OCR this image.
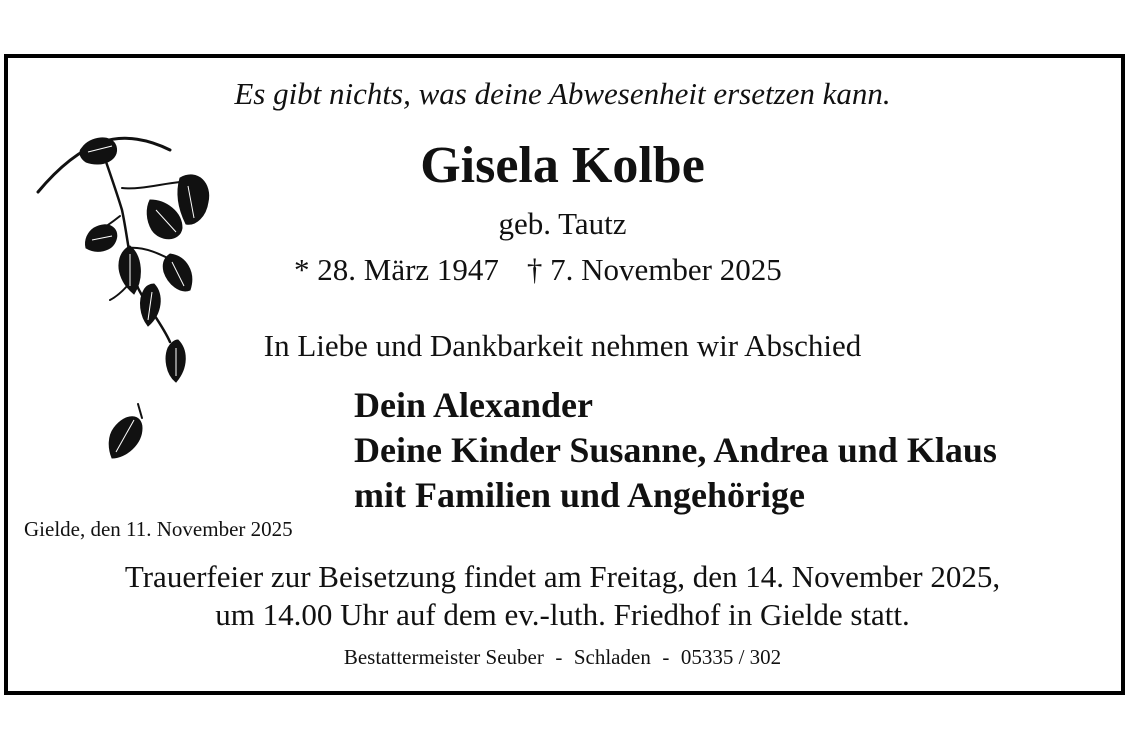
Es gibt nichts, was deine Abwesenheit ersetzen kann.
Gisela Kolbe
geb. Tautz
* 28. März 1947 † 7. November 2025
In Liebe und Dankbarkeit nehmen wir Abschied
Dein Alexander
Deine Kinder Susanne, Andrea und Klaus
mit Familien und Angehörige
Gielde, den 11. November 2025
Trauerfeier zur Beisetzung findet am Freitag, den 14. November 2025,
um 14.00 Uhr auf dem ev.-luth. Friedhof in Gielde statt.
Bestattermeister Seuber - Schladen - 05335 / 302
